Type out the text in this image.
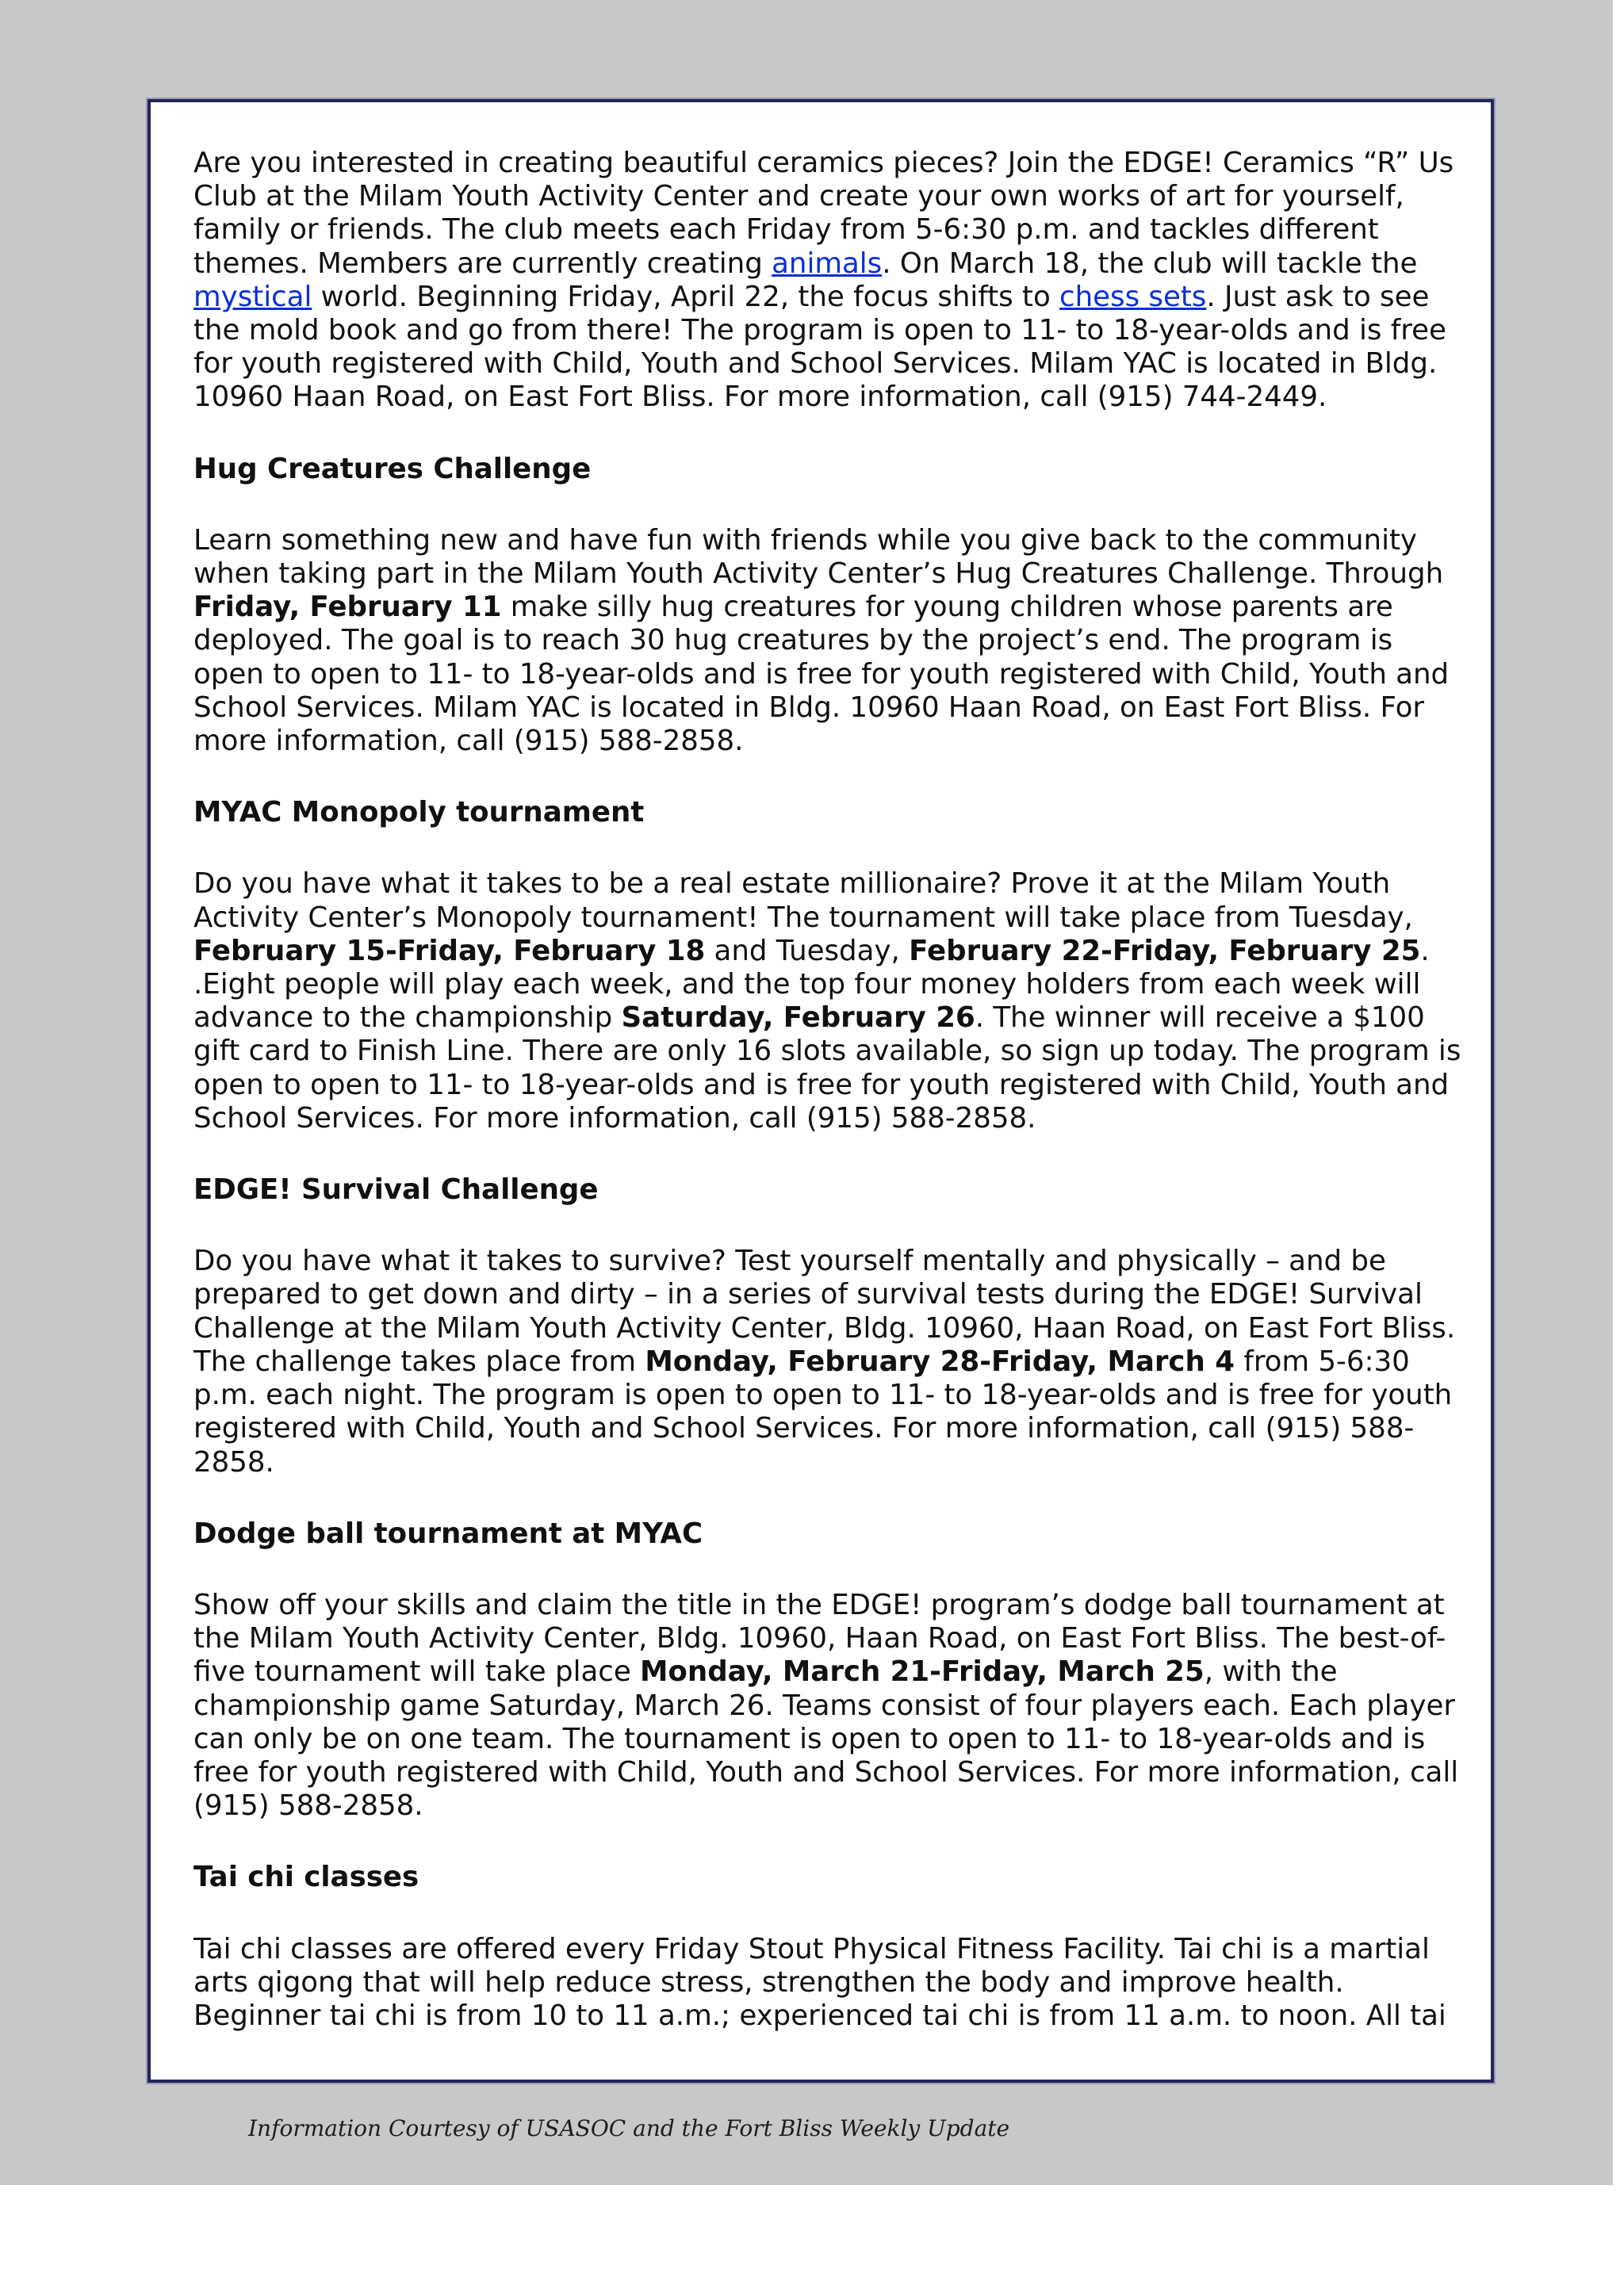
Are you interested in creating beautiful ceramics pieces? Join the EDGE! Ceramics “R” Us Club at the Milam Youth Activity Center and create your own works of art for yourself, family or friends. The club meets each Friday from 5-6:30 p.m. and tackles different themes. Members are currently creating animals. On March 18, the club will tackle the mystical world. Beginning Friday, April 22, the focus shifts to chess sets. Just ask to see the mold book and go from there! The program is open to 11- to 18-year-olds and is free for youth registered with Child, Youth and School Services. Milam YAC is located in Bldg. 10960 Haan Road, on East Fort Bliss. For more information, call (915) 744-2449.

Hug Creatures Challenge

Learn something new and have fun with friends while you give back to the community when taking part in the Milam Youth Activity Center’s Hug Creatures Challenge. Through Friday, February 11 make silly hug creatures for young children whose parents are deployed. The goal is to reach 30 hug creatures by the project’s end. The program is open to open to 11- to 18-year-olds and is free for youth registered with Child, Youth and School Services. Milam YAC is located in Bldg. 10960 Haan Road, on East Fort Bliss. For more information, call (915) 588-2858.

MYAC Monopoly tournament

Do you have what it takes to be a real estate millionaire? Prove it at the Milam Youth Activity Center’s Monopoly tournament! The tournament will take place from Tuesday, February 15-Friday, February 18 and Tuesday, February 22-Friday, February 25. .Eight people will play each week, and the top four money holders from each week will advance to the championship Saturday, February 26. The winner will receive a $100 gift card to Finish Line. There are only 16 slots available, so sign up today. The program is open to open to 11- to 18-year-olds and is free for youth registered with Child, Youth and School Services. For more information, call (915) 588-2858.

EDGE! Survival Challenge

Do you have what it takes to survive? Test yourself mentally and physically – and be prepared to get down and dirty – in a series of survival tests during the EDGE! Survival Challenge at the Milam Youth Activity Center, Bldg. 10960, Haan Road, on East Fort Bliss. The challenge takes place from Monday, February 28-Friday, March 4 from 5-6:30 p.m. each night. The program is open to open to 11- to 18-year-olds and is free for youth registered with Child, Youth and School Services. For more information, call (915) 588-2858.

Dodge ball tournament at MYAC

Show off your skills and claim the title in the EDGE! program’s dodge ball tournament at the Milam Youth Activity Center, Bldg. 10960, Haan Road, on East Fort Bliss. The best-of-five tournament will take place Monday, March 21-Friday, March 25, with the championship game Saturday, March 26. Teams consist of four players each. Each player can only be on one team. The tournament is open to open to 11- to 18-year-olds and is free for youth registered with Child, Youth and School Services. For more information, call (915) 588-2858.

Tai chi classes

Tai chi classes are offered every Friday Stout Physical Fitness Facility. Tai chi is a martial arts qigong that will help reduce stress, strengthen the body and improve health. Beginner tai chi is from 10 to 11 a.m.; experienced tai chi is from 11 a.m. to noon. All tai

Information Courtesy of USASOC and the Fort Bliss Weekly Update
